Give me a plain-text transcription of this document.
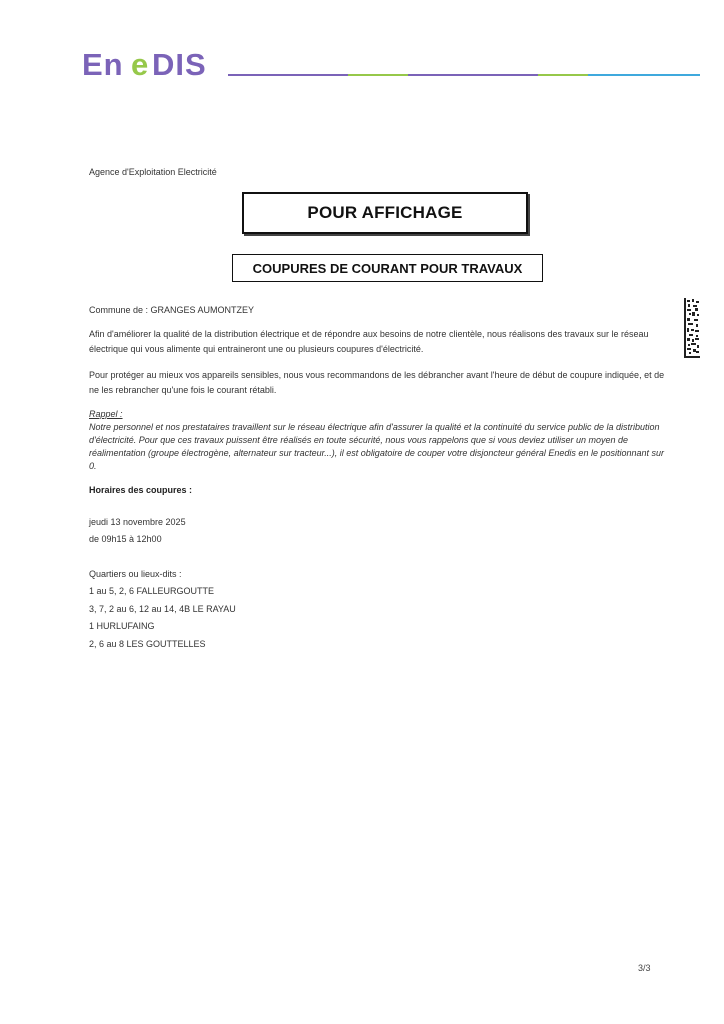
En e DIS
Agence d'Exploitation Electricité
POUR AFFICHAGE
COUPURES DE COURANT POUR TRAVAUX
Commune de : GRANGES AUMONTZEY
Afin d'améliorer la qualité de la distribution électrique et de répondre aux besoins de notre clientèle, nous réalisons des travaux sur le réseau électrique qui vous alimente qui entraineront une ou plusieurs coupures d'électricité.
Pour protéger au mieux vos appareils sensibles, nous vous recommandons de les débrancher avant l'heure de début de coupure indiquée, et de ne les rebrancher qu'une fois le courant rétabli.
Rappel :
Notre personnel et nos prestataires travaillent sur le réseau électrique afin d'assurer la qualité et la continuité du service public de la distribution d'électricité. Pour que ces travaux puissent être réalisés en toute sécurité, nous vous rappelons que si vous deviez utiliser un moyen de réalimentation (groupe électrogène, alternateur sur tracteur...), il est obligatoire de couper votre disjoncteur général Enedis en le positionnant sur 0.
Horaires des coupures :
jeudi 13 novembre 2025
de 09h15 à 12h00
Quartiers ou lieux-dits :
1 au 5, 2, 6 FALLEURGOUTTE
3, 7, 2 au 6, 12 au 14, 4B LE RAYAU
1 HURLUFAING
2, 6 au 8 LES GOUTTELLES
3/3
